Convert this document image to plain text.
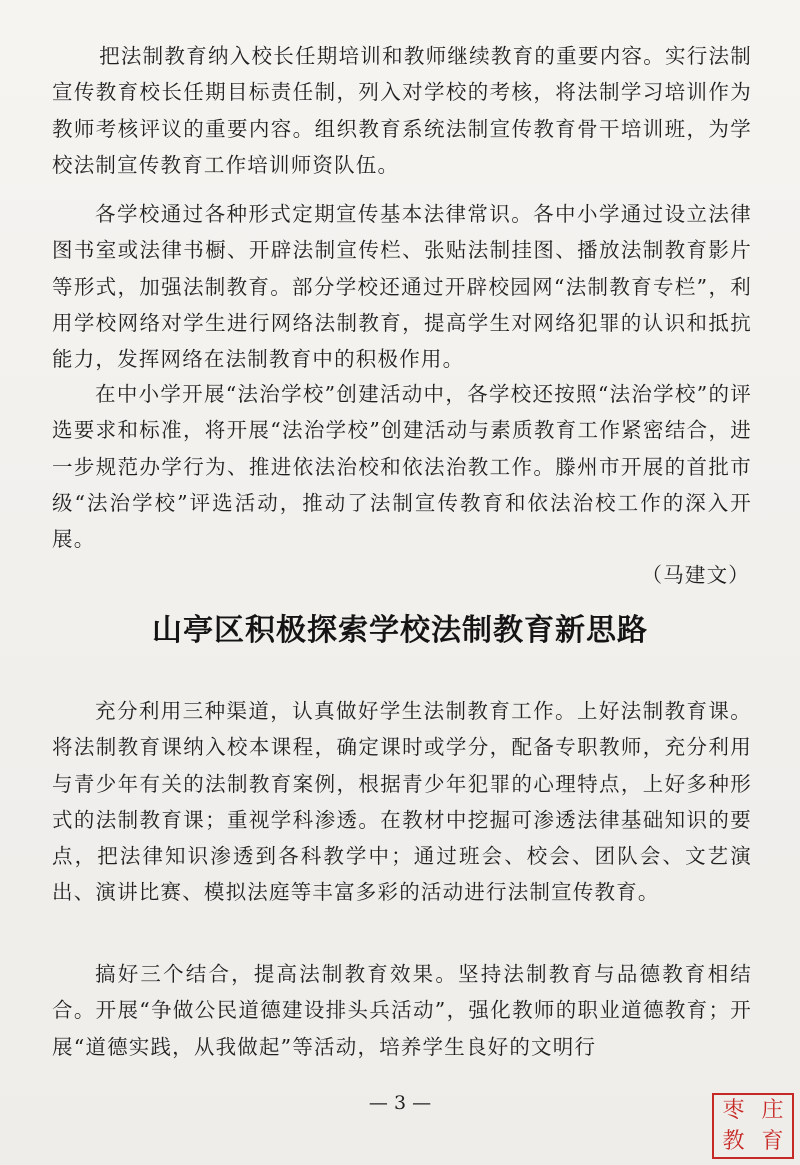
把法制教育纳入校长任期培训和教师继续教育的重要内容。实行法制宣传教育校长任期目标责任制，列入对学校的考核，将法制学习培训作为教师考核评议的重要内容。组织教育系统法制宣传教育骨干培训班，为学校法制宣传教育工作培训师资队伍。

各学校通过各种形式定期宣传基本法律常识。各中小学通过设立法律图书室或法律书橱、开辟法制宣传栏、张贴法制挂图、播放法制教育影片等形式，加强法制教育。部分学校还通过开辟校园网“法制教育专栏”，利用学校网络对学生进行网络法制教育，提高学生对网络犯罪的认识和抵抗能力，发挥网络在法制教育中的积极作用。

在中小学开展“法治学校”创建活动中，各学校还按照“法治学校”的评选要求和标准，将开展“法治学校”创建活动与素质教育工作紧密结合，进一步规范办学行为、推进依法治校和依法治教工作。滕州市开展的首批市级“法治学校”评选活动，推动了法制宣传教育和依法治校工作的深入开展。
（马建文）

山亭区积极探索学校法制教育新思路

充分利用三种渠道，认真做好学生法制教育工作。上好法制教育课。将法制教育课纳入校本课程，确定课时或学分，配备专职教师，充分利用与青少年有关的法制教育案例，根据青少年犯罪的心理特点，上好多种形式的法制教育课；重视学科渗透。在教材中挖掘可渗透法律基础知识的要点，把法律知识渗透到各科教学中；通过班会、校会、团队会、文艺演出、演讲比赛、模拟法庭等丰富多彩的活动进行法制宣传教育。

搞好三个结合，提高法制教育效果。坚持法制教育与品德教育相结合。开展“争做公民道德建设排头兵活动”，强化教师的职业道德教育；开展“道德实践，从我做起”等活动，培养学生良好的文明行

— 3 —	枣 庄
教 育
